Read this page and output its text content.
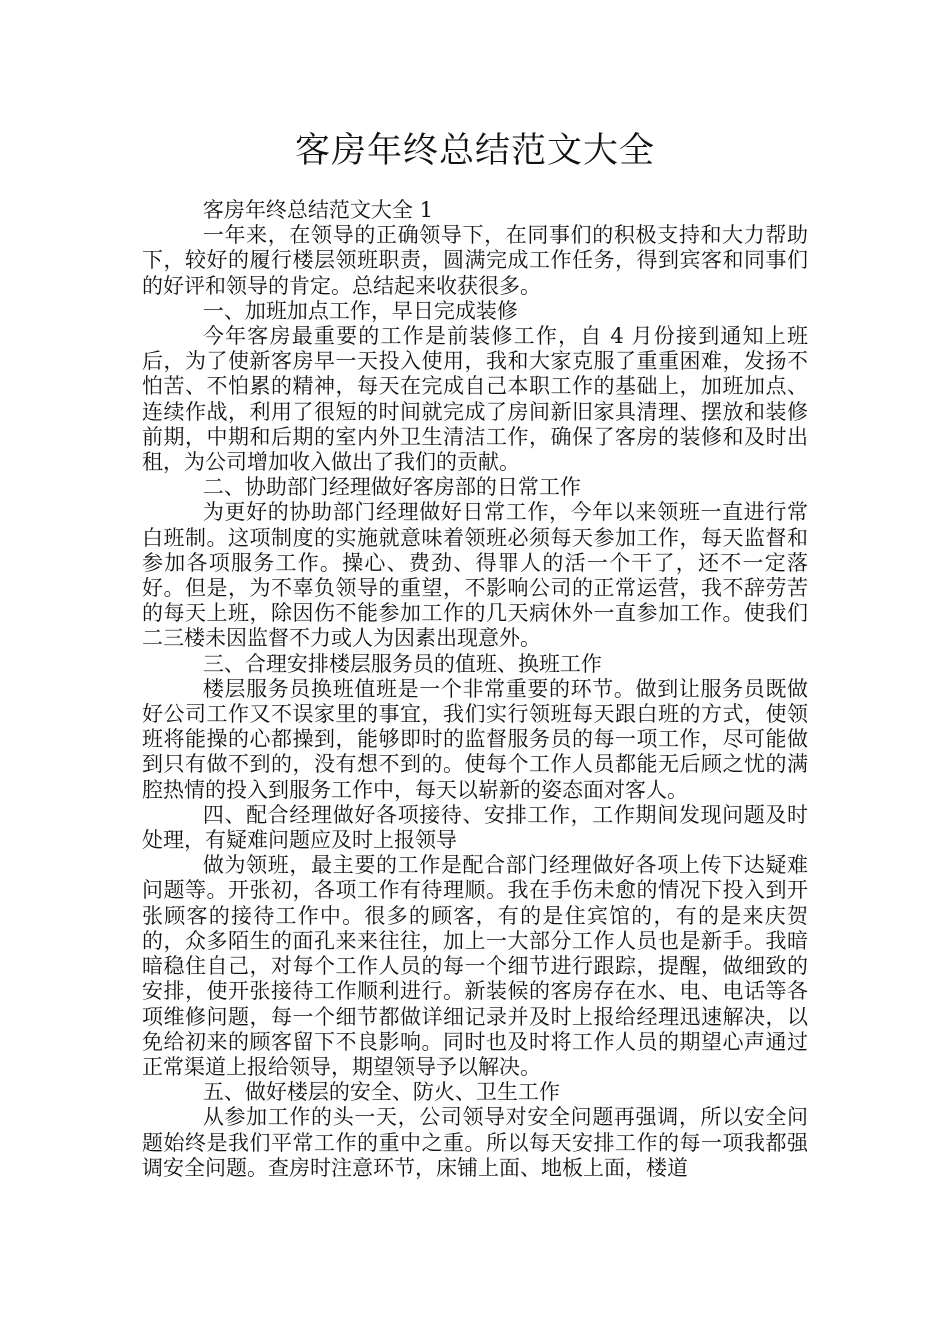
客房年终总结范文大全

客房年终总结范文大全 1

一年来，在领导的正确领导下，在同事们的积极支持和大力帮助下，较好的履行楼层领班职责，圆满完成工作任务，得到宾客和同事们的好评和领导的肯定。总结起来收获很多。

一、加班加点工作，早日完成装修

今年客房最重要的工作是前装修工作，自 4 月份接到通知上班后，为了使新客房早一天投入使用，我和大家克服了重重困难，发扬不怕苦、不怕累的精神，每天在完成自己本职工作的基础上，加班加点、连续作战，利用了很短的时间就完成了房间新旧家具清理、摆放和装修前期，中期和后期的室内外卫生清洁工作，确保了客房的装修和及时出租，为公司增加收入做出了我们的贡献。

二、协助部门经理做好客房部的日常工作

为更好的协助部门经理做好日常工作，今年以来领班一直进行常白班制。这项制度的实施就意味着领班必须每天参加工作，每天监督和参加各项服务工作。操心、费劲、得罪人的活一个干了，还不一定落好。但是，为不辜负领导的重望，不影响公司的正常运营，我不辞劳苦的每天上班，除因伤不能参加工作的几天病休外一直参加工作。使我们二三楼未因监督不力或人为因素出现意外。

三、合理安排楼层服务员的值班、换班工作

楼层服务员换班值班是一个非常重要的环节。做到让服务员既做好公司工作又不误家里的事宜，我们实行领班每天跟白班的方式，使领班将能操的心都操到，能够即时的监督服务员的每一项工作，尽可能做到只有做不到的，没有想不到的。使每个工作人员都能无后顾之忧的满腔热情的投入到服务工作中，每天以崭新的姿态面对客人。

四、配合经理做好各项接待、安排工作，工作期间发现问题及时处理，有疑难问题应及时上报领导

做为领班，最主要的工作是配合部门经理做好各项上传下达疑难问题等。开张初，各项工作有待理顺。我在手伤未愈的情况下投入到开张顾客的接待工作中。很多的顾客，有的是住宾馆的，有的是来庆贺的，众多陌生的面孔来来往往，加上一大部分工作人员也是新手。我暗暗稳住自己，对每个工作人员的每一个细节进行跟踪，提醒，做细致的安排，使开张接待工作顺利进行。新装候的客房存在水、电、电话等各项维修问题，每一个细节都做详细记录并及时上报给经理迅速解决，以免给初来的顾客留下不良影响。同时也及时将工作人员的期望心声通过正常渠道上报给领导，期望领导予以解决。

五、做好楼层的安全、防火、卫生工作

从参加工作的头一天，公司领导对安全问题再强调，所以安全问题始终是我们平常工作的重中之重。所以每天安排工作的每一项我都强调安全问题。查房时注意环节，床铺上面、地板上面，楼道
